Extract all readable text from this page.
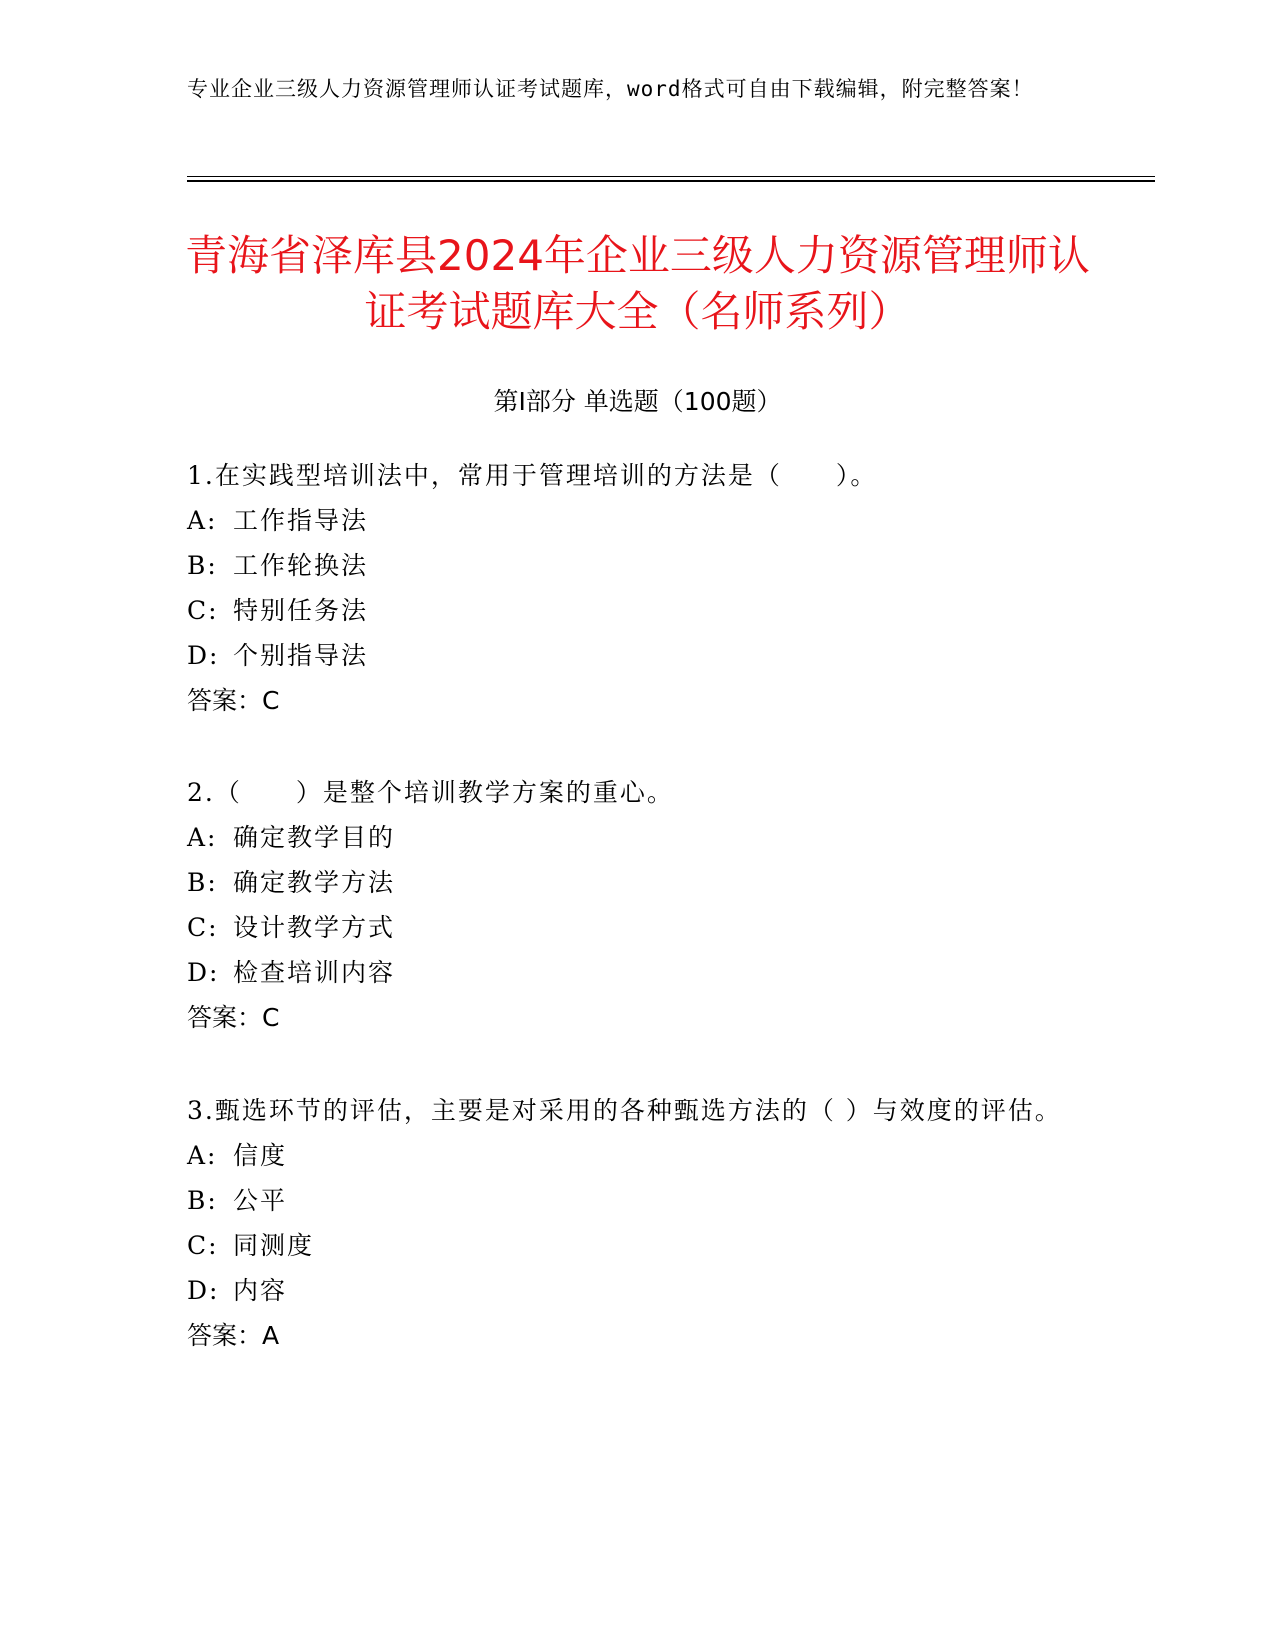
专业企业三级人力资源管理师认证考试题库，word格式可自由下载编辑，附完整答案！
青海省泽库县2024年企业三级人力资源管理师认证考试题库大全（名师系列）
第Ⅰ部分 单选题（100题）
1.在实践型培训法中，常用于管理培训的方法是（　　）。
A: 工作指导法
B: 工作轮换法
C: 特别任务法
D: 个别指导法
答案：C
2.（　　）是整个培训教学方案的重心。
A: 确定教学目的
B: 确定教学方法
C: 设计教学方式
D: 检查培训内容
答案：C
3.甄选环节的评估，主要是对采用的各种甄选方法的（ ）与效度的评估。
A: 信度
B: 公平
C: 同测度
D: 内容
答案：A
